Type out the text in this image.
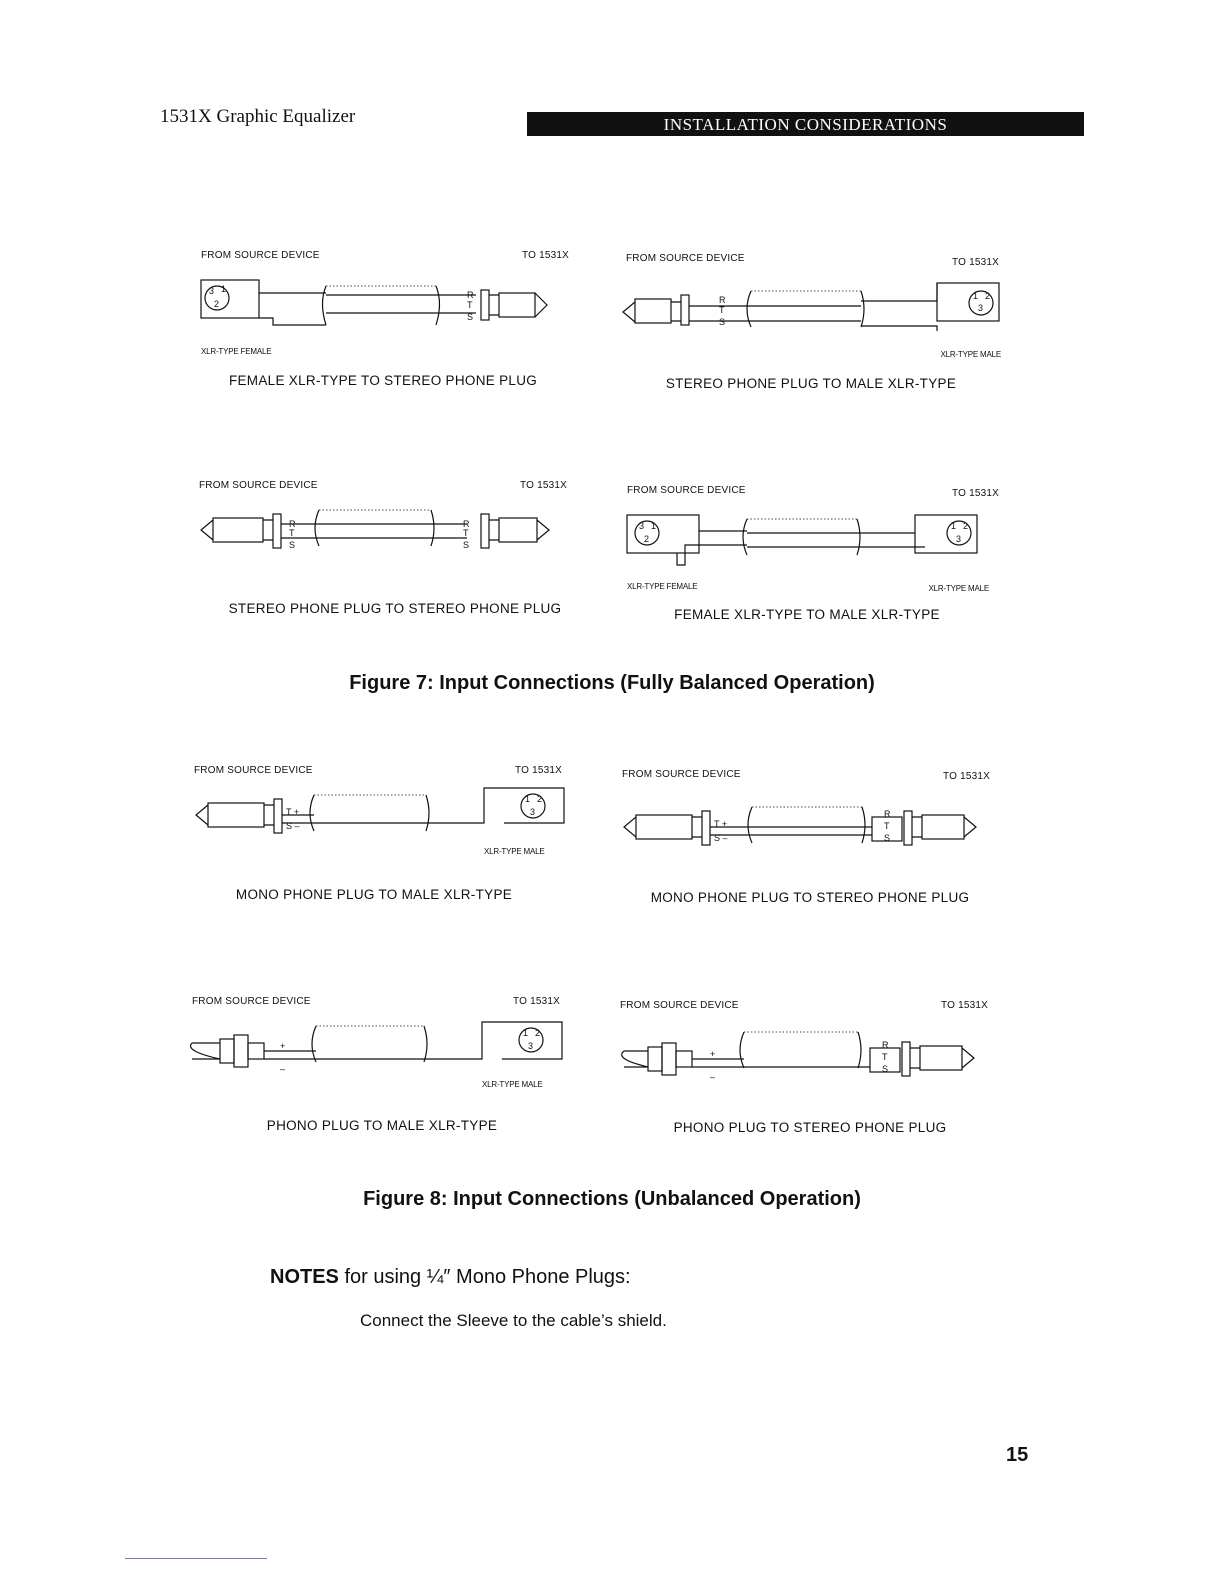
1531X Graphic Equalizer	INSTALLATION CONSIDERATIONS
FROM SOURCE DEVICE	TO 1531X
3 1
2
R
T
S
XLR-TYPE FEMALE
FEMALE XLR-TYPE TO STEREO PHONE PLUG
FROM SOURCE DEVICE	TO 1531X
R
T
S
1 2
3
XLR-TYPE MALE
STEREO PHONE PLUG TO MALE XLR-TYPE
FROM SOURCE DEVICE	TO 1531X
R
T
S
R
T
S
STEREO PHONE PLUG TO STEREO PHONE PLUG
FROM SOURCE DEVICE	TO 1531X
3 1
2
1 2
3
XLR-TYPE FEMALE	XLR-TYPE MALE
FEMALE XLR-TYPE TO MALE XLR-TYPE
Figure 7: Input Connections (Fully Balanced Operation)
FROM SOURCE DEVICE	TO 1531X
T +
S –
1 2
3
XLR-TYPE MALE
MONO PHONE PLUG TO MALE XLR-TYPE
FROM SOURCE DEVICE	TO 1531X
T +
S –
R
T
S
MONO PHONE PLUG TO STEREO PHONE PLUG
FROM SOURCE DEVICE	TO 1531X
+
–
1 2
3
XLR-TYPE MALE
PHONO PLUG TO MALE XLR-TYPE
FROM SOURCE DEVICE	TO 1531X
+
–
R
T
S
PHONO PLUG TO STEREO PHONE PLUG
Figure 8: Input Connections (Unbalanced Operation)
NOTES for using ¼″ Mono Phone Plugs:
Connect the Sleeve to the cable’s shield.
15
